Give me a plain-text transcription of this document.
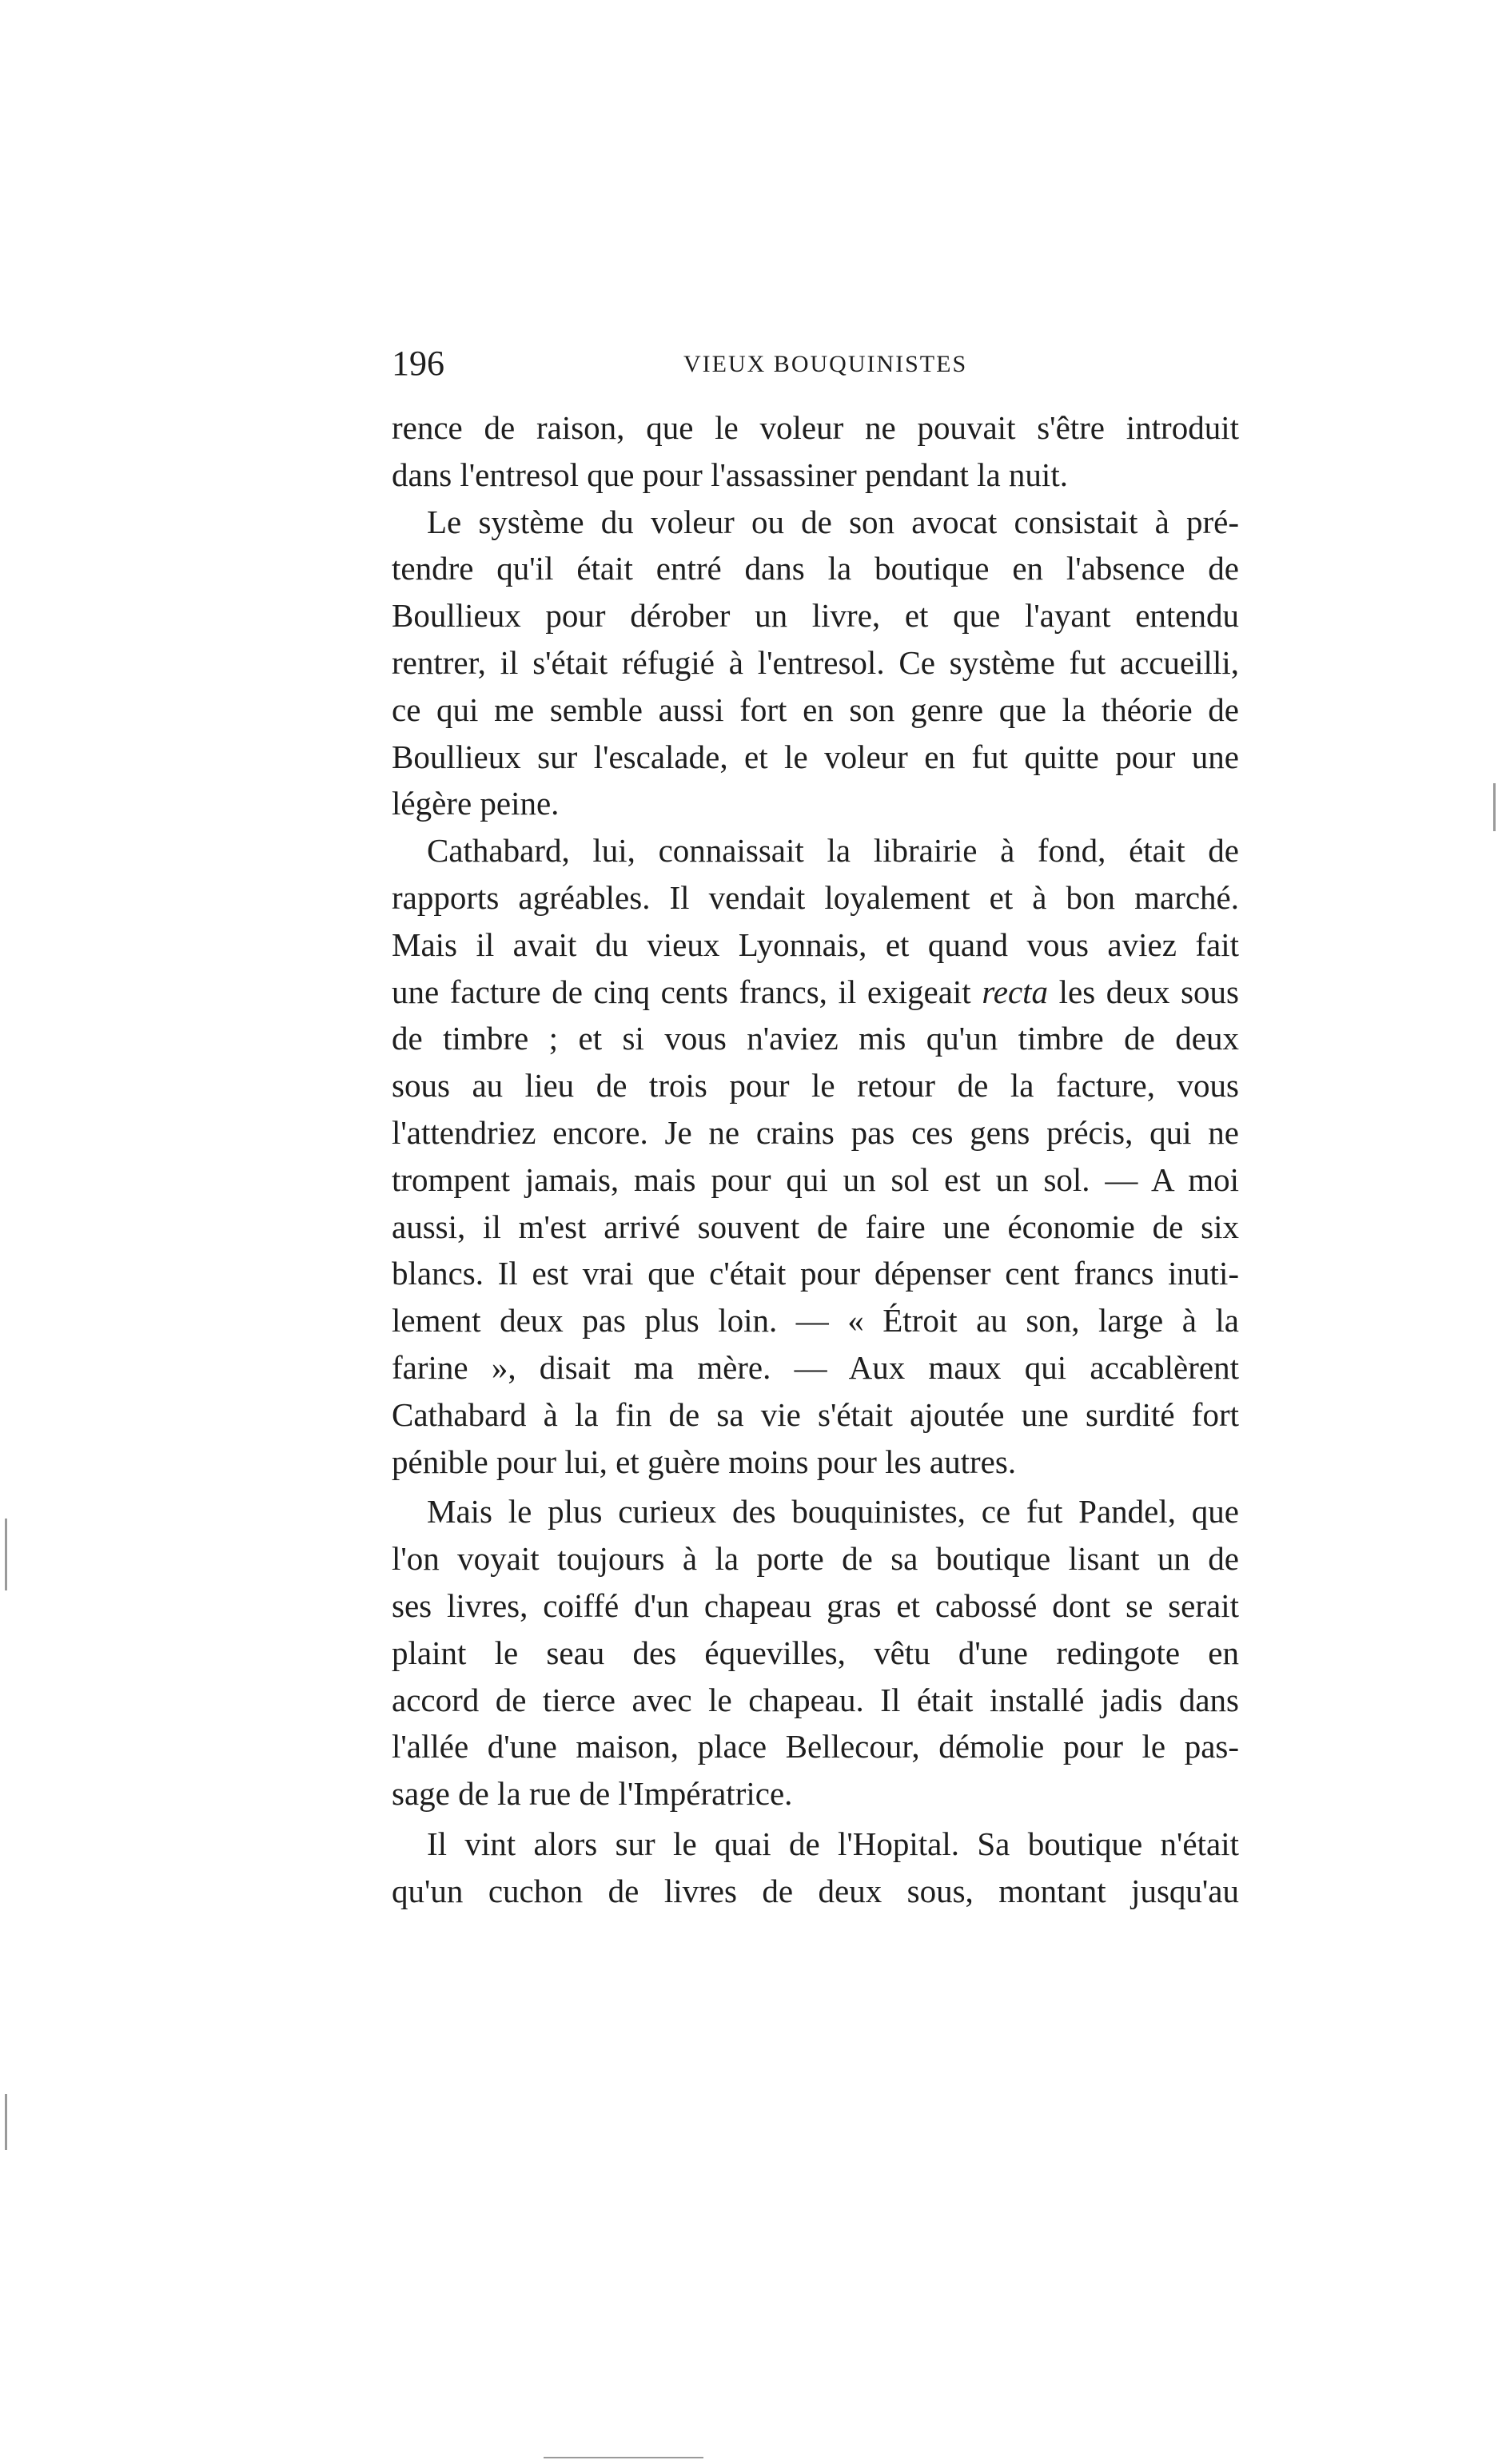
196	VIEUX BOUQUINISTES
rence de raison, que le voleur ne pouvait s'être introduit
dans l'entresol que pour l'assassiner pendant la nuit.
Le système du voleur ou de son avocat consistait à pré-
tendre qu'il était entré dans la boutique en l'absence de
Boullieux pour dérober un livre, et que l'ayant entendu
rentrer, il s'était réfugié à l'entresol. Ce système fut accueilli,
ce qui me semble aussi fort en son genre que la théorie de
Boullieux sur l'escalade, et le voleur en fut quitte pour une
légère peine.
Cathabard, lui, connaissait la librairie à fond, était de
rapports agréables. Il vendait loyalement et à bon marché.
Mais il avait du vieux Lyonnais, et quand vous aviez fait
une facture de cinq cents francs, il exigeait recta les deux sous
de timbre ; et si vous n'aviez mis qu'un timbre de deux
sous au lieu de trois pour le retour de la facture, vous
l'attendriez encore. Je ne crains pas ces gens précis, qui ne
trompent jamais, mais pour qui un sol est un sol. — A moi
aussi, il m'est arrivé souvent de faire une économie de six
blancs. Il est vrai que c'était pour dépenser cent francs inuti-
lement deux pas plus loin. — « Étroit au son, large à la
farine », disait ma mère. — Aux maux qui accablèrent
Cathabard à la fin de sa vie s'était ajoutée une surdité fort
pénible pour lui, et guère moins pour les autres.
Mais le plus curieux des bouquinistes, ce fut Pandel, que
l'on voyait toujours à la porte de sa boutique lisant un de
ses livres, coiffé d'un chapeau gras et cabossé dont se serait
plaint le seau des équevilles, vêtu d'une redingote en
accord de tierce avec le chapeau. Il était installé jadis dans
l'allée d'une maison, place Bellecour, démolie pour le pas-
sage de la rue de l'Impératrice.
Il vint alors sur le quai de l'Hopital. Sa boutique n'était
qu'un cuchon de livres de deux sous, montant jusqu'au
